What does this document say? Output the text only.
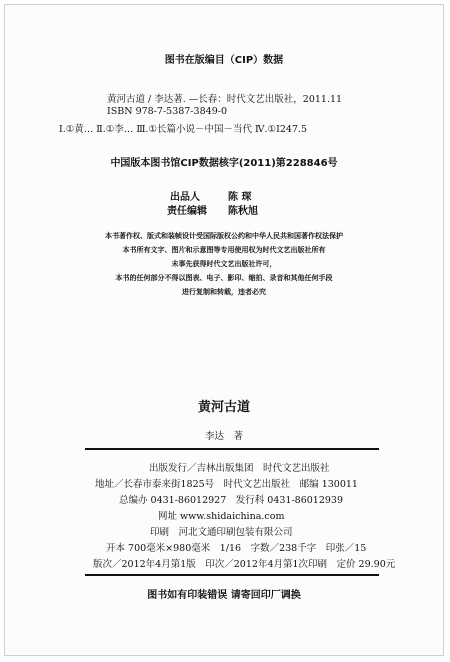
图书在版编目（CIP）数据
黄河古道 / 李达著. —长春：时代文艺出版社，2011.11
ISBN 978-7-5387-3849-0
Ⅰ.①黄… Ⅱ.①李… Ⅲ.①长篇小说－中国－当代 Ⅳ.①I247.5
中国版本图书馆CIP数据核字(2011)第228846号
出品人	陈 琛
责任编辑 陈秋旭
本书著作权、版式和装帧设计受国际版权公约和中华人民共和国著作权法保护
本书所有文字、图片和示意图等专用使用权为时代文艺出版社所有
未事先获得时代文艺出版社许可，
本书的任何部分不得以图表、电子、影印、缩拍、录音和其他任何手段
进行复制和转载，违者必究
黄河古道
李达　著
出版发行／吉林出版集团　时代文艺出版社
地址／长春市泰来街1825号　时代文艺出版社　邮编 130011
总编办 0431-86012927　发行科 0431-86012939
网址 www.shidaichina.com
印刷　河北文通印刷包装有限公司
开本 700毫米×980毫米　1/16　字数／238千字　印张／15
版次／2012年4月第1版　印次／2012年4月第1次印刷　定价 29.90元
图书如有印装错误 请寄回印厂调换
